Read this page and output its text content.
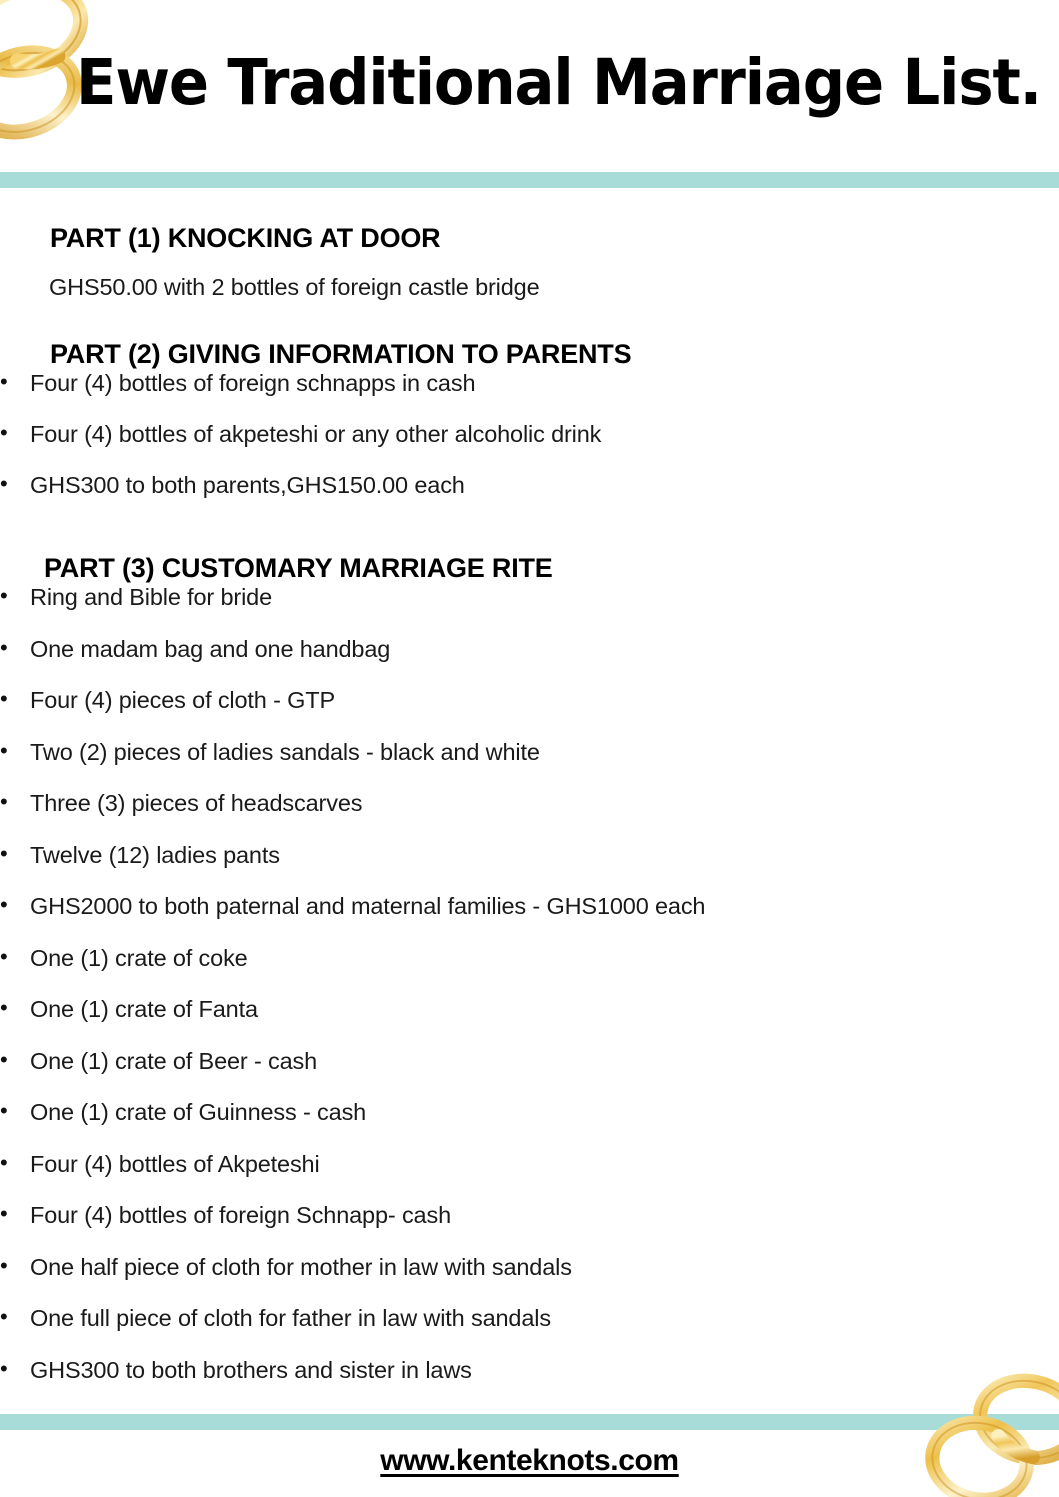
Ewe Traditional Marriage List.
PART (1) KNOCKING AT DOOR
GHS50.00 with 2 bottles of foreign castle bridge
PART (2) GIVING INFORMATION TO PARENTS
• Four (4) bottles of foreign schnapps in cash
• Four (4) bottles of akpeteshi or any other alcoholic drink
• GHS300 to both parents,GHS150.00 each
PART (3) CUSTOMARY MARRIAGE RITE
• Ring and Bible for bride
• One madam bag and one handbag
• Four (4) pieces of cloth - GTP
• Two (2) pieces of ladies sandals - black and white
• Three (3) pieces of headscarves
• Twelve (12) ladies pants
• GHS2000 to both paternal and maternal families - GHS1000 each
• One (1) crate of coke
• One (1) crate of Fanta
• One (1) crate of Beer - cash
• One (1) crate of Guinness - cash
• Four (4) bottles of Akpeteshi
• Four (4) bottles of foreign Schnapp- cash
• One half piece of cloth for mother in law with sandals
• One full piece of cloth for father in law with sandals
• GHS300 to both brothers and sister in laws
www.kenteknots.com
